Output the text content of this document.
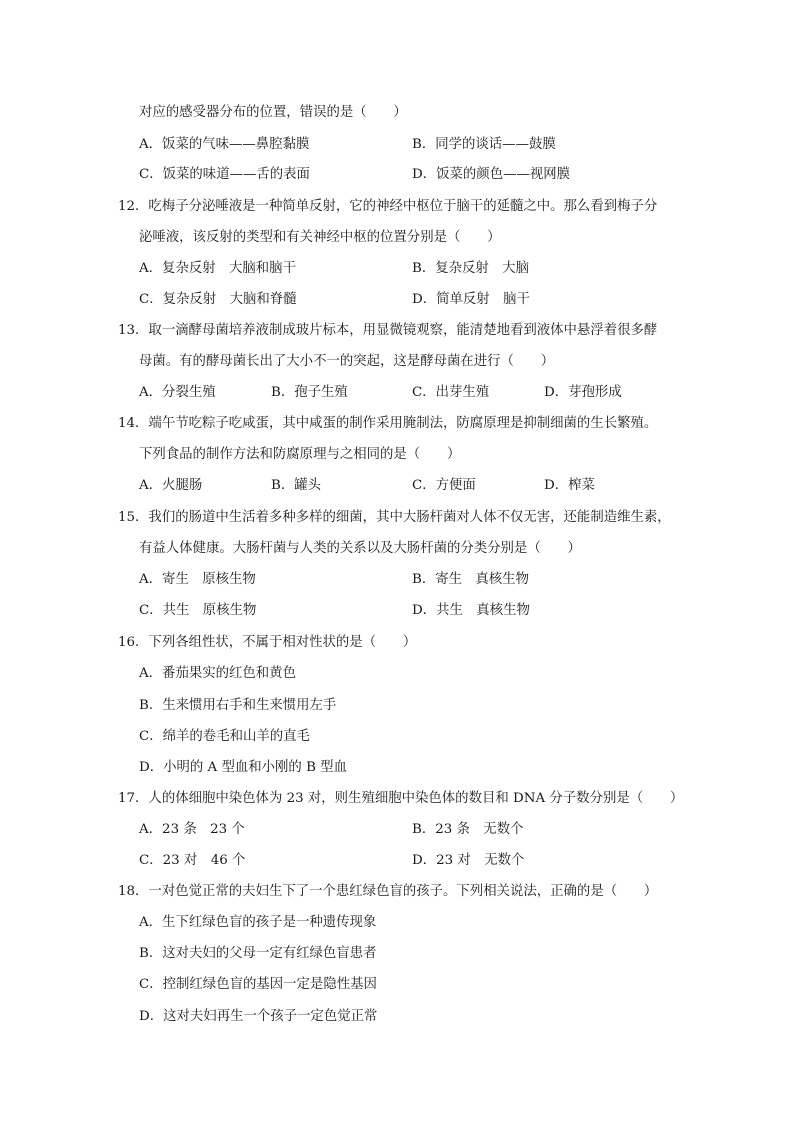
对应的感受器分布的位置，错误的是（　　）
A．饭菜的气味——鼻腔黏膜	B．同学的谈话——鼓膜
C．饭菜的味道——舌的表面	D．饭菜的颜色——视网膜
12．吃梅子分泌唾液是一种简单反射，它的神经中枢位于脑干的延髓之中。那么看到梅子分
泌唾液，该反射的类型和有关神经中枢的位置分别是（　　）
A．复杂反射　大脑和脑干	B．复杂反射　大脑
C．复杂反射　大脑和脊髓	D．简单反射　脑干
13．取一滴酵母菌培养液制成玻片标本，用显微镜观察，能清楚地看到液体中悬浮着很多酵
母菌。有的酵母菌长出了大小不一的突起，这是酵母菌在进行（　　）
A．分裂生殖	B．孢子生殖	C．出芽生殖	D．芽孢形成
14．端午节吃粽子吃咸蛋，其中咸蛋的制作采用腌制法，防腐原理是抑制细菌的生长繁殖。
下列食品的制作方法和防腐原理与之相同的是（　　）
A．火腿肠	B．罐头	C．方便面	D．榨菜
15．我们的肠道中生活着多种多样的细菌，其中大肠杆菌对人体不仅无害，还能制造维生素，
有益人体健康。大肠杆菌与人类的关系以及大肠杆菌的分类分别是（　　）
A．寄生　原核生物	B．寄生　真核生物
C．共生　原核生物	D．共生　真核生物
16．下列各组性状，不属于相对性状的是（　　）
A．番茄果实的红色和黄色
B．生来惯用右手和生来惯用左手
C．绵羊的卷毛和山羊的直毛
D．小明的 A 型血和小刚的 B 型血
17．人的体细胞中染色体为 23 对，则生殖细胞中染色体的数目和 DNA 分子数分别是（　　）
A．23 条　23 个	B．23 条　无数个
C．23 对　46 个	D．23 对　无数个
18．一对色觉正常的夫妇生下了一个患红绿色盲的孩子。下列相关说法，正确的是（　　）
A．生下红绿色盲的孩子是一种遗传现象
B．这对夫妇的父母一定有红绿色盲患者
C．控制红绿色盲的基因一定是隐性基因
D．这对夫妇再生一个孩子一定色觉正常
